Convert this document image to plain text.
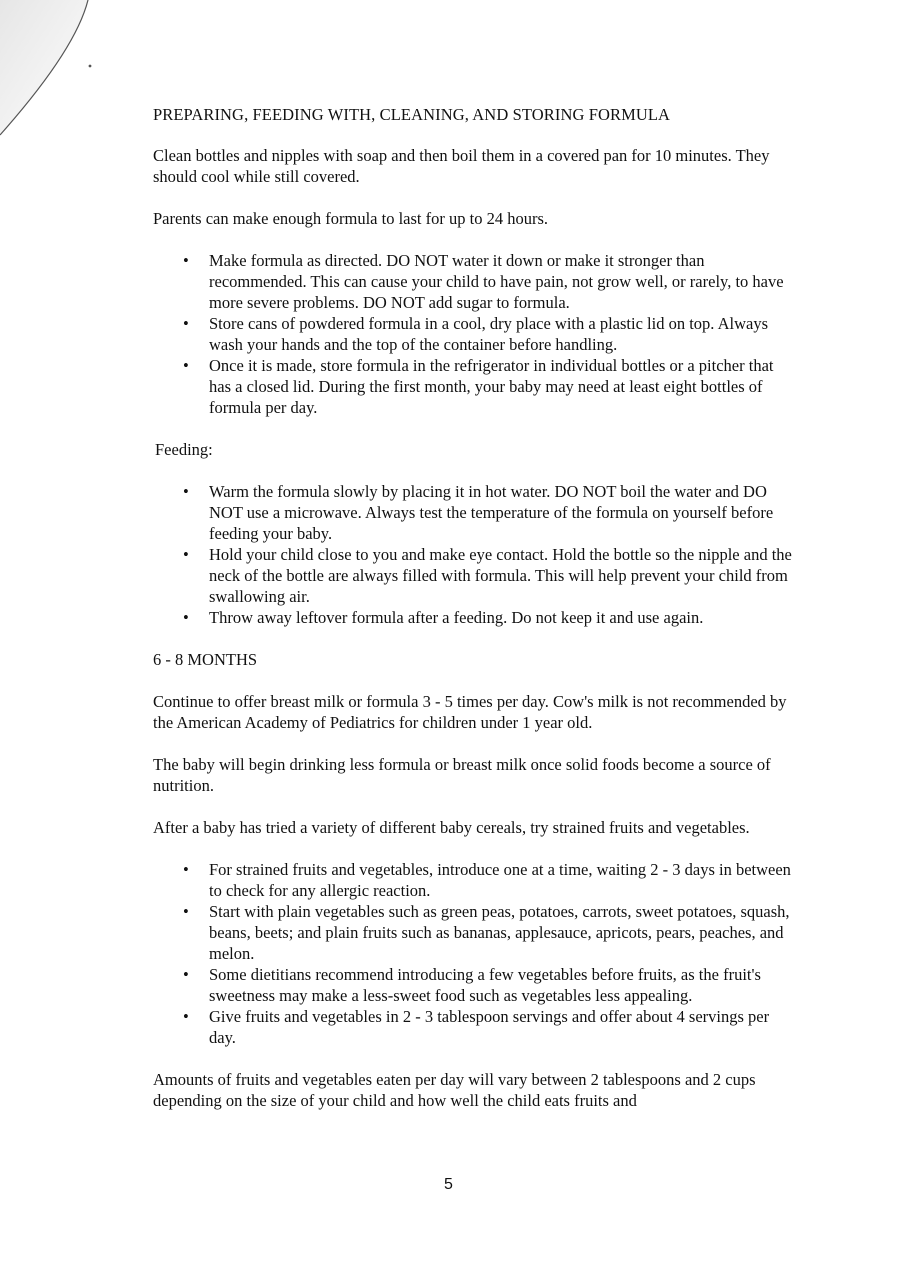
PREPARING, FEEDING WITH, CLEANING, AND STORING FORMULA

Clean bottles and nipples with soap and then boil them in a covered pan for 10 minutes. They should cool while still covered.

Parents can make enough formula to last for up to 24 hours.

• Make formula as directed. DO NOT water it down or make it stronger than recommended. This can cause your child to have pain, not grow well, or rarely, to have more severe problems. DO NOT add sugar to formula.
• Store cans of powdered formula in a cool, dry place with a plastic lid on top. Always wash your hands and the top of the container before handling.
• Once it is made, store formula in the refrigerator in individual bottles or a pitcher that has a closed lid. During the first month, your baby may need at least eight bottles of formula per day.
Feeding:
• Warm the formula slowly by placing it in hot water. DO NOT boil the water and DO NOT use a microwave. Always test the temperature of the formula on yourself before feeding your baby.
• Hold your child close to you and make eye contact. Hold the bottle so the nipple and the neck of the bottle are always filled with formula. This will help prevent your child from swallowing air.
• Throw away leftover formula after a feeding. Do not keep it and use again.
6 - 8 MONTHS

Continue to offer breast milk or formula 3 - 5 times per day. Cow's milk is not recommended by the American Academy of Pediatrics for children under 1 year old.

The baby will begin drinking less formula or breast milk once solid foods become a source of nutrition.

After a baby has tried a variety of different baby cereals, try strained fruits and vegetables.

• For strained fruits and vegetables, introduce one at a time, waiting 2 - 3 days in between to check for any allergic reaction.
• Start with plain vegetables such as green peas, potatoes, carrots, sweet potatoes, squash, beans, beets; and plain fruits such as bananas, applesauce, apricots, pears, peaches, and melon.
• Some dietitians recommend introducing a few vegetables before fruits, as the fruit's sweetness may make a less-sweet food such as vegetables less appealing.
• Give fruits and vegetables in 2 - 3 tablespoon servings and offer about 4 servings per day.

Amounts of fruits and vegetables eaten per day will vary between 2 tablespoons and 2 cups depending on the size of your child and how well the child eats fruits and

5
